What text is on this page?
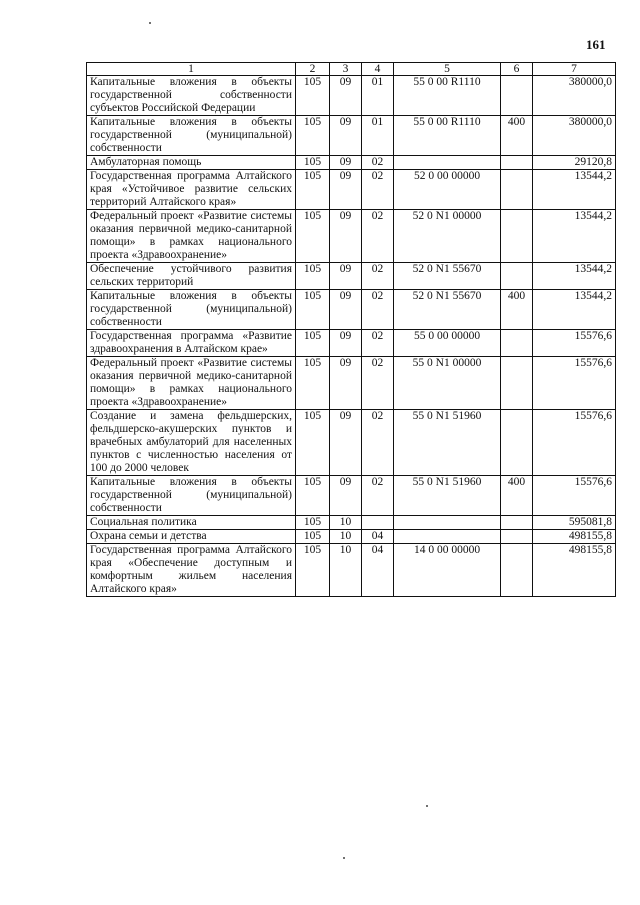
161
1	2	3	4	5	6	7
Капитальные вложения в объекты государственной собственности субъектов Российской Федерации	105	09	01	55 0 00 R1110		380000,0
Капитальные вложения в объекты государственной (муниципальной) собственности	105	09	01	55 0 00 R1110	400	380000,0
Амбулаторная помощь	105	09	02			29120,8
Государственная программа Алтайского края «Устойчивое развитие сельских территорий Алтайского края»	105	09	02	52 0 00 00000		13544,2
Федеральный проект «Развитие системы оказания первичной медико-санитарной помощи» в рамках национального проекта «Здравоохранение»	105	09	02	52 0 N1 00000		13544,2
Обеспечение устойчивого развития сельских территорий	105	09	02	52 0 N1 55670		13544,2
Капитальные вложения в объекты государственной (муниципальной) собственности	105	09	02	52 0 N1 55670	400	13544,2
Государственная программа «Развитие здравоохранения в Алтайском крае»	105	09	02	55 0 00 00000		15576,6
Федеральный проект «Развитие системы оказания первичной медико-санитарной помощи» в рамках национального проекта «Здравоохранение»	105	09	02	55 0 N1 00000		15576,6
Создание и замена фельдшерских, фельдшерско-акушерских пунктов и врачебных амбулаторий для населенных пунктов с численностью населения от 100 до 2000 человек	105	09	02	55 0 N1 51960		15576,6
Капитальные вложения в объекты государственной (муниципальной) собственности	105	09	02	55 0 N1 51960	400	15576,6
Социальная политика	105	10				595081,8
Охрана семьи и детства	105	10	04			498155,8
Государственная программа Алтайского края «Обеспечение доступным и комфортным жильем населения Алтайского края»	105	10	04	14 0 00 00000		498155,8
